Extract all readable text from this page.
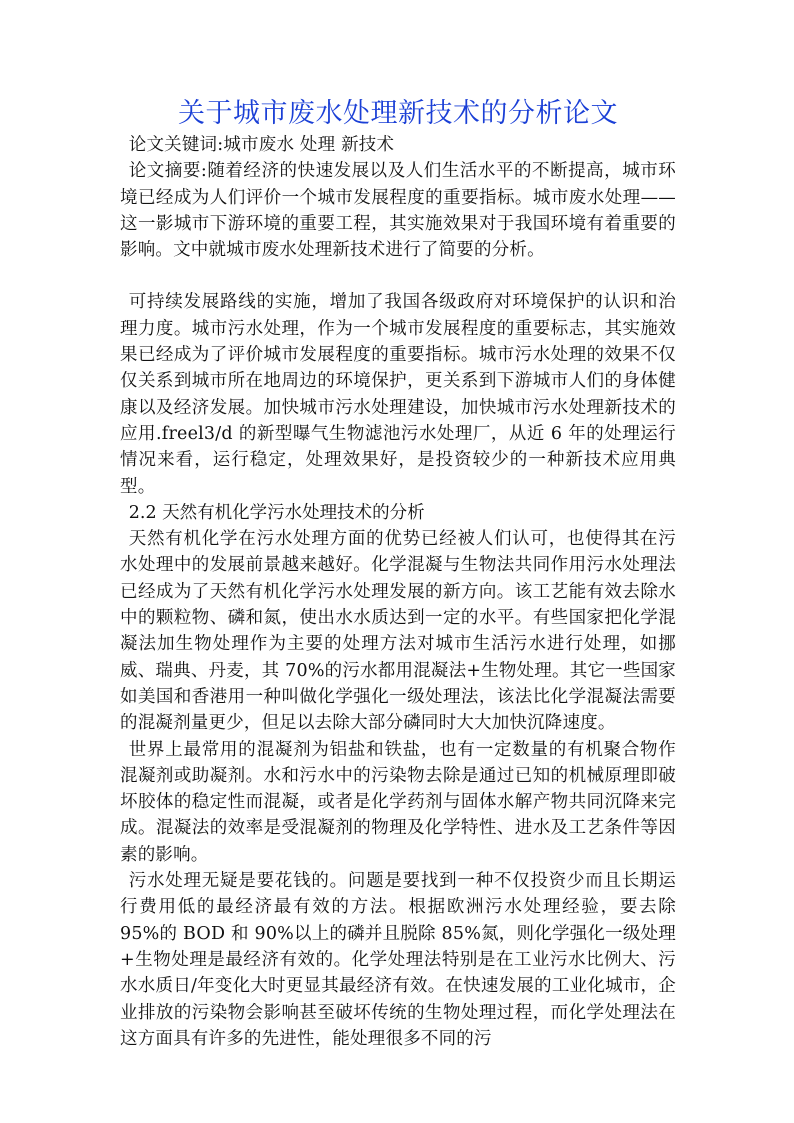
关于城市废水处理新技术的分析论文

论文关键词:城市废水 处理 新技术

论文摘要:随着经济的快速发展以及人们生活水平的不断提高，城市环境已经成为人们评价一个城市发展程度的重要指标。城市废水处理——这一影城市下游环境的重要工程，其实施效果对于我国环境有着重要的影响。文中就城市废水处理新技术进行了简要的分析。

可持续发展路线的实施，增加了我国各级政府对环境保护的认识和治理力度。城市污水处理，作为一个城市发展程度的重要标志，其实施效果已经成为了评价城市发展程度的重要指标。城市污水处理的效果不仅仅关系到城市所在地周边的环境保护，更关系到下游城市人们的身体健康以及经济发展。加快城市污水处理建设，加快城市污水处理新技术的应用.freel3/d 的新型曝气生物滤池污水处理厂，从近 6 年的处理运行情况来看，运行稳定，处理效果好，是投资较少的一种新技术应用典型。

2.2 天然有机化学污水处理技术的分析

天然有机化学在污水处理方面的优势已经被人们认可，也使得其在污水处理中的发展前景越来越好。化学混凝与生物法共同作用污水处理法已经成为了天然有机化学污水处理发展的新方向。该工艺能有效去除水中的颗粒物、磷和氮，使出水水质达到一定的水平。有些国家把化学混凝法加生物处理作为主要的处理方法对城市生活污水进行处理，如挪威、瑞典、丹麦，其 70%的污水都用混凝法+生物处理。其它一些国家如美国和香港用一种叫做化学强化一级处理法，该法比化学混凝法需要的混凝剂量更少，但足以去除大部分磷同时大大加快沉降速度。

世界上最常用的混凝剂为铝盐和铁盐，也有一定数量的有机聚合物作混凝剂或助凝剂。水和污水中的污染物去除是通过已知的机械原理即破坏胶体的稳定性而混凝，或者是化学药剂与固体水解产物共同沉降来完成。混凝法的效率是受混凝剂的物理及化学特性、进水及工艺条件等因素的影响。

污水处理无疑是要花钱的。问题是要找到一种不仅投资少而且长期运行费用低的最经济最有效的方法。根据欧洲污水处理经验，要去除 95%的 BOD 和 90%以上的磷并且脱除 85%氮，则化学强化一级处理+生物处理是最经济有效的。化学处理法特别是在工业污水比例大、污水水质日/年变化大时更显其最经济有效。在快速发展的工业化城市，企业排放的污染物会影响甚至破坏传统的生物处理过程，而化学处理法在这方面具有许多的先进性，能处理很多不同的污
